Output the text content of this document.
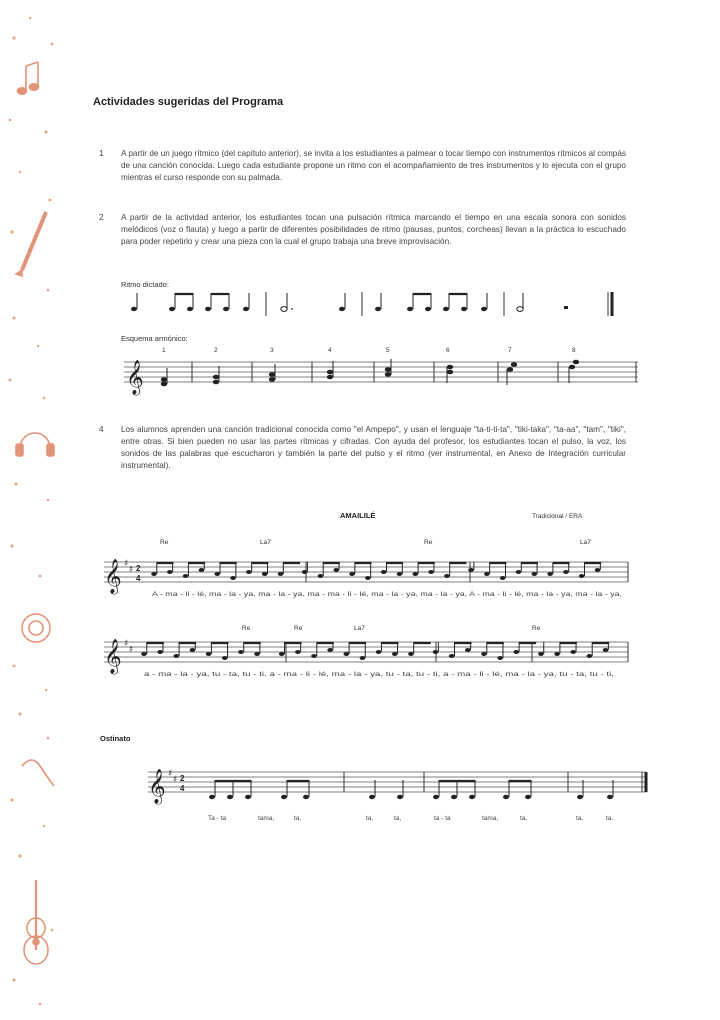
Actividades sugeridas del Programa
1 A partir de un juego rítmico (del capítulo anterior), se invita a los estudiantes a palmear o tocar tiempo con instrumentos rítmicos al compás de una canción conocida. Luego cada estudiante propone un ritmo con el acompañamiento de tres instrumentos y lo ejecuta con el grupo mientras el curso responde con su palmada.
2 A partir de la actividad anterior, los estudiantes tocan una pulsación rítmica marcando el tiempo en una escala sonora con sonidos melódicos (voz o flauta) y luego a partir de diferentes posibilidades de ritmo (pausas, puntos, corcheas) llevan a la práctica lo escuchado para poder repetirlo y crear una pieza con la cual el grupo trabaja una breve improvisación.
Ritmo dictado:
Esquema armónico:
1	2	3	4	5	6	7	8
𝄞
4 Los alumnos aprenden una canción tradicional conocida como "el Ampepo", y usan el lenguaje "ta-ti-ti-ta", "tiki-taka", "ta-aa", "tam", "tiki", entre otras. Si bien pueden no usar las partes rítmicas y cifradas. Con ayuda del profesor, los estudiantes tocan el pulso, la voz, los sonidos de las palabras que escucharon y también la parte del pulso y el ritmo (ver instrumental, en Anexo de Integración curricular instrumental).
AMAILILÉ	Tradicional / ERA
Re	La7	Re	La7
𝄞 ♯
♯ 2
4
A - ma - li - lé, ma - la - ya, ma - la - ya, ma - ma - li - lé, ma - la - ya, ma - la - ya, A - ma - li - lé, ma - la - ya, ma - la - ya,
Re	Re	La7	Re
𝄞 ♯
♯
a - ma - la - ya, tu - ta, tu - ti, a - ma - li - lé, ma - la - ya, tu - ta, tu - ti, a - ma - li - lé, ma - la - ya, tu - ta, tu - ti,
Ostinato
𝄞 ♯
♯ 2
4
Ta - ta	tama,	ta,	ta,	ta,	ta - ta	tama,	ta,	ta,	ta.
